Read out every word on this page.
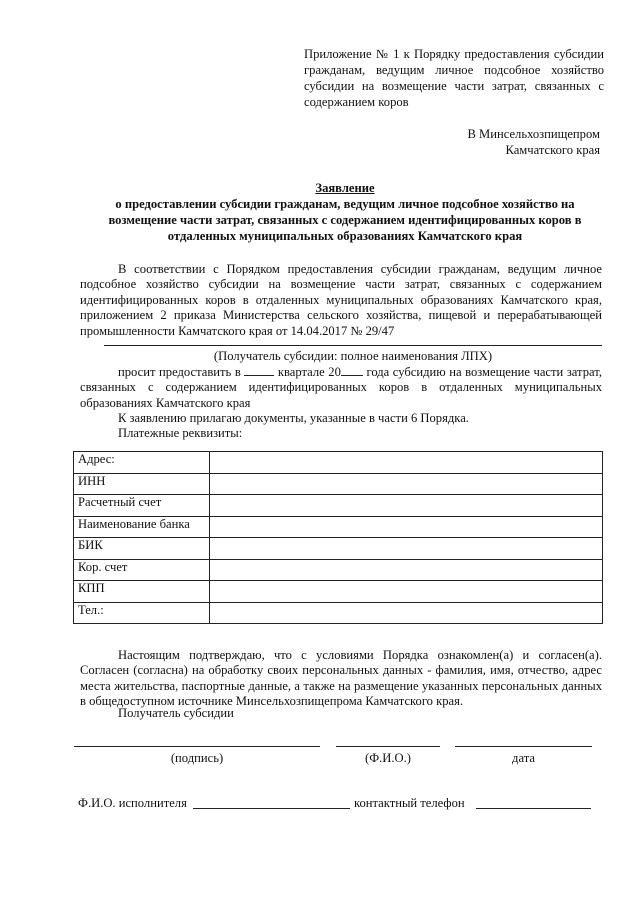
Приложение № 1 к Порядку предоставления субсидии гражданам, ведущим личное подсобное хозяйство субсидии на возмещение части затрат, связанных с содержанием коров
В Минсельхозпищепром
Камчатского края
Заявление
о предоставлении субсидии гражданам, ведущим личное подсобное хозяйство на возмещение части затрат, связанных с содержанием идентифицированных коров в отдаленных муниципальных образованиях Камчатского края
В соответствии с Порядком предоставления субсидии гражданам, ведущим личное подсобное хозяйство субсидии на возмещение части затрат, связанных с содержанием идентифицированных коров в отдаленных муниципальных образованиях Камчатского края, приложением 2 приказа Министерства сельского хозяйства, пищевой и перерабатывающей промышленности Камчатского края от 14.04.2017 № 29/47
(Получатель субсидии: полное наименования ЛПХ)
просит предоставить в	квартале 20 года субсидию на возмещение части затрат, связанных с содержанием идентифицированных коров в отдаленных муниципальных образованиях Камчатского края
К заявлению прилагаю документы, указанные в части 6 Порядка.
Платежные реквизиты:
Адрес:	
ИНН	
Расчетный счет	
Наименование банка	
БИК	
Кор. счет	
КПП	
Тел.:	
Настоящим подтверждаю, что с условиями Порядка ознакомлен(а) и согласен(а). Согласен (согласна) на обработку своих персональных данных - фамилия, имя, отчество, адрес места жительства, паспортные данные, а также на размещение указанных персональных данных в общедоступном источнике Минсельхозпищепрома Камчатского края.
Получатель субсидии
(подпись)	(Ф.И.О.)	дата
Ф.И.О. исполнителя	контактный телефон
